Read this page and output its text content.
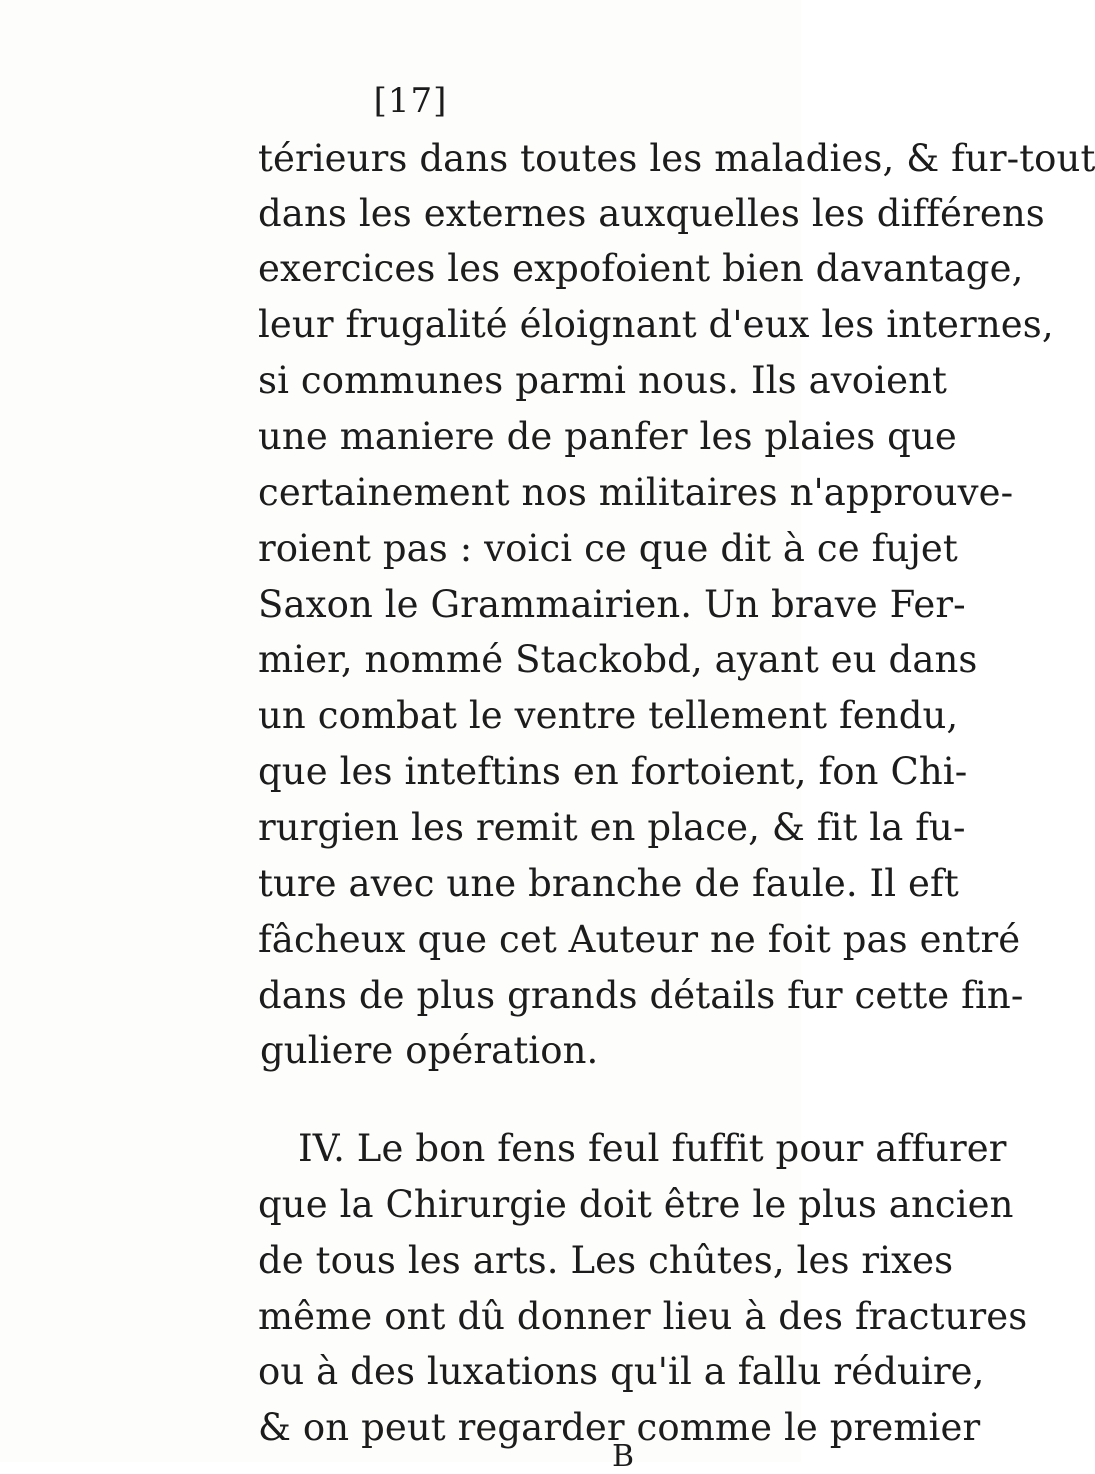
[17]
térieurs dans toutes les maladies, & fur-tout
dans les externes auxquelles les différens
exercices les expofoient bien davantage,
leur frugalité éloignant d'eux les internes,
si communes parmi nous. Ils avoient
une maniere de panfer les plaies que
certainement nos militaires n'approuve-
roient pas : voici ce que dit à ce fujet
Saxon le Grammairien. Un brave Fer-
mier, nommé Stackobd, ayant eu dans
un combat le ventre tellement fendu,
que les inteftins en fortoient, fon Chi-
rurgien les remit en place, & fit la fu-
ture avec une branche de faule. Il eft
fâcheux que cet Auteur ne foit pas entré
dans de plus grands détails fur cette fin-
guliere opération.
IV. Le bon fens feul fuffit pour affurer
que la Chirurgie doit être le plus ancien
de tous les arts. Les chûtes, les rixes
même ont dû donner lieu à des fractures
ou à des luxations qu'il a fallu réduire,
& on peut regarder comme le premier
B
